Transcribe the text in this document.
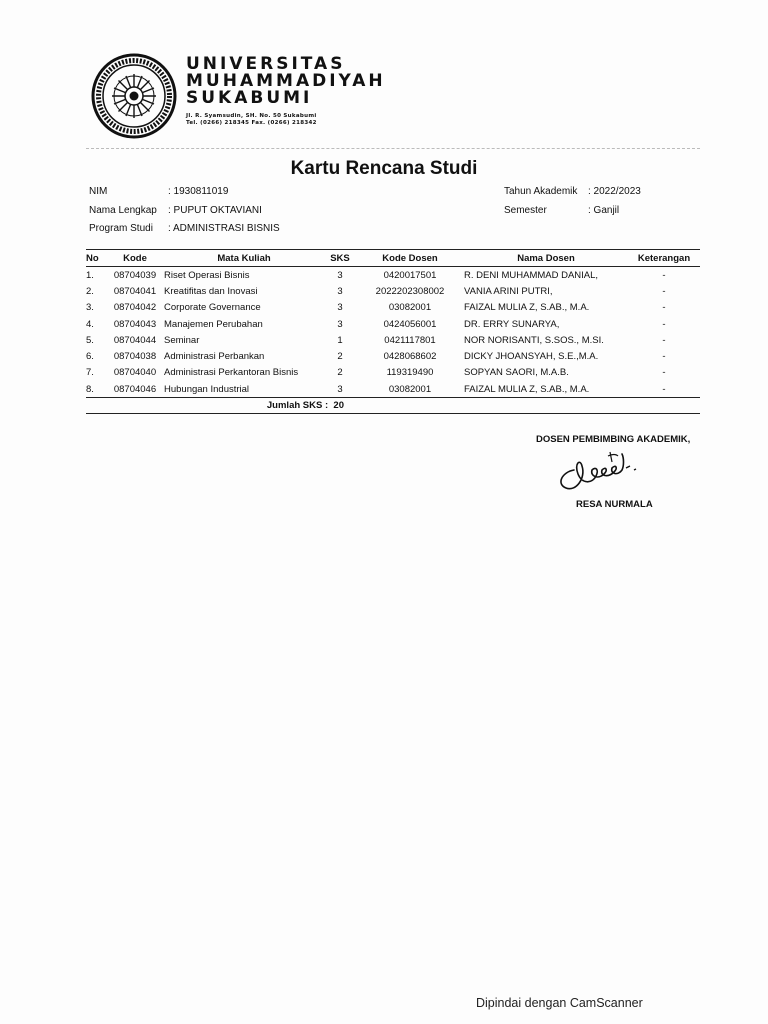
UNIVERSITAS
MUHAMMADIYAH
SUKABUMI
Jl. R. Syamsudin, SH. No. 50 Sukabumi
Tel. (0266) 218345 Fax. (0266) 218342
Kartu Rencana Studi
NIM	: 1930811019
Nama Lengkap : PUPUT OKTAVIANI
Program Studi : ADMINISTRASI BISNIS
Tahun Akademik : 2022/2023
Semester	: Ganjil
No	Kode	Mata Kuliah	SKS	Kode Dosen	Nama Dosen	Keterangan
1.	08704039	Riset Operasi Bisnis	3	0420017501	R. DENI MUHAMMAD DANIAL,	-
2.	08704041	Kreatifitas dan Inovasi	3	2022202308002	VANIA ARINI PUTRI,	-
3.	08704042	Corporate Governance	3	03082001	FAIZAL MULIA Z, S.AB., M.A.	-
4.	08704043	Manajemen Perubahan	3	0424056001	DR. ERRY SUNARYA,	-
5.	08704044	Seminar	1	0421117801	NOR NORISANTI, S.SOS., M.SI.	-
6.	08704038	Administrasi Perbankan	2	0428068602	DICKY JHOANSYAH, S.E.,M.A.	-
7.	08704040	Administrasi Perkantoran Bisnis	2	119319490	SOPYAN SAORI, M.A.B.	-
8.	08704046	Hubungan Industrial	3	03082001	FAIZAL MULIA Z, S.AB., M.A.	-
		Jumlah SKS : 20				
DOSEN PEMBIMBING AKADEMIK,
RESA NURMALA
Dipindai dengan CamScanner
